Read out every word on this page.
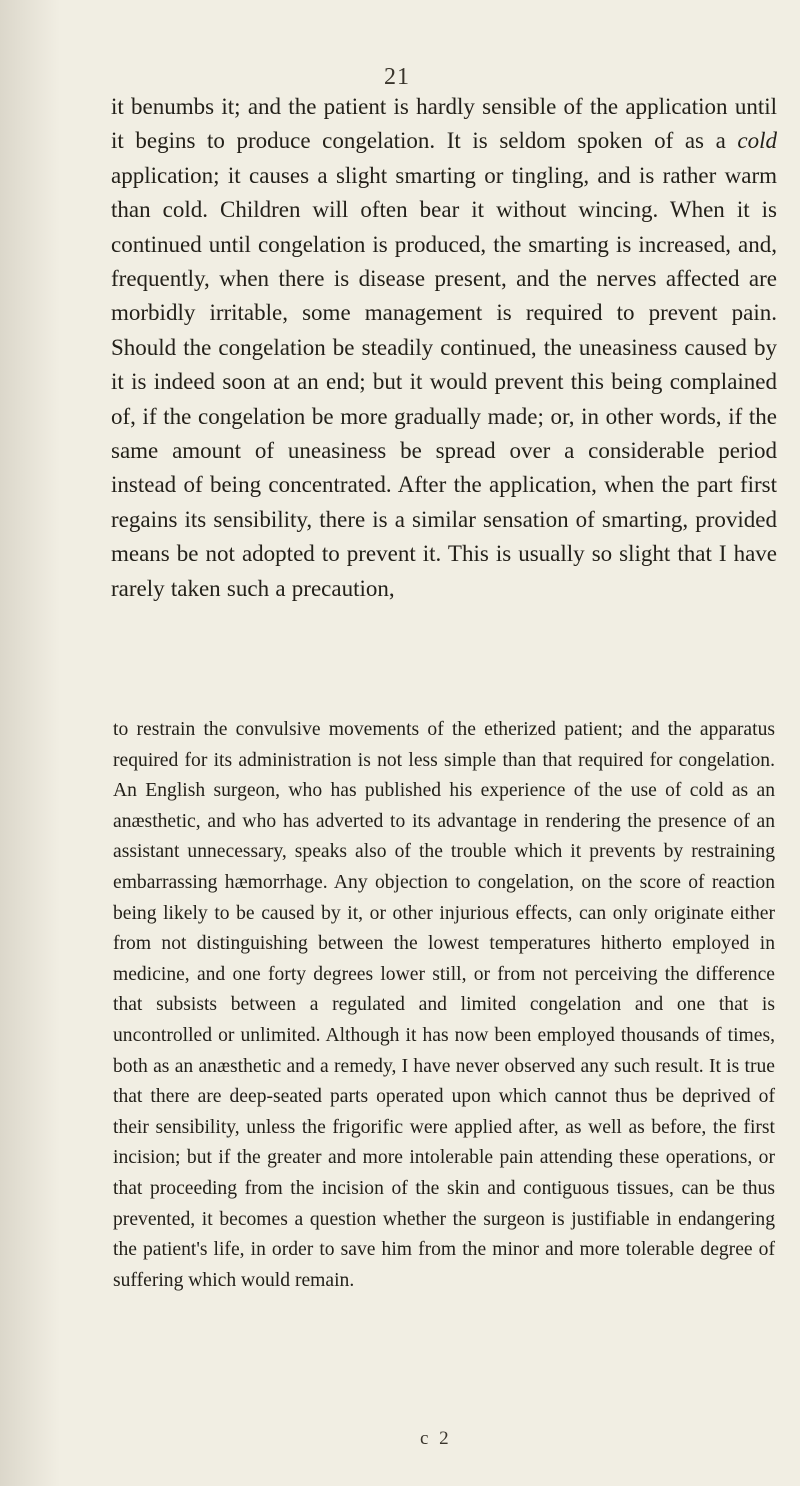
21

it benumbs it; and the patient is hardly sensible of the application until it begins to produce congelation. It is seldom spoken of as a cold application; it causes a slight smarting or tingling, and is rather warm than cold. Children will often bear it without wincing. When it is continued until congelation is produced, the smarting is increased, and, frequently, when there is disease present, and the nerves affected are morbidly irritable, some management is required to prevent pain. Should the congelation be steadily continued, the uneasiness caused by it is indeed soon at an end; but it would prevent this being complained of, if the congelation be more gradually made; or, in other words, if the same amount of uneasiness be spread over a considerable period instead of being concentrated. After the application, when the part first regains its sensibility, there is a similar sensation of smarting, provided means be not adopted to prevent it. This is usually so slight that I have rarely taken such a precaution,

to restrain the convulsive movements of the etherized patient; and the apparatus required for its administration is not less simple than that required for congelation. An English surgeon, who has published his experience of the use of cold as an anæsthetic, and who has adverted to its advantage in rendering the presence of an assistant unnecessary, speaks also of the trouble which it prevents by restraining embarrassing hæmorrhage. Any objection to congelation, on the score of reaction being likely to be caused by it, or other injurious effects, can only originate either from not distinguishing between the lowest temperatures hitherto employed in medicine, and one forty degrees lower still, or from not perceiving the difference that subsists between a regulated and limited congelation and one that is uncontrolled or unlimited. Although it has now been employed thousands of times, both as an anæsthetic and a remedy, I have never observed any such result. It is true that there are deep-seated parts operated upon which cannot thus be deprived of their sensibility, unless the frigorific were applied after, as well as before, the first incision; but if the greater and more intolerable pain attending these operations, or that proceeding from the incision of the skin and contiguous tissues, can be thus prevented, it becomes a question whether the surgeon is justifiable in endangering the patient's life, in order to save him from the minor and more tolerable degree of suffering which would remain.

c 2
